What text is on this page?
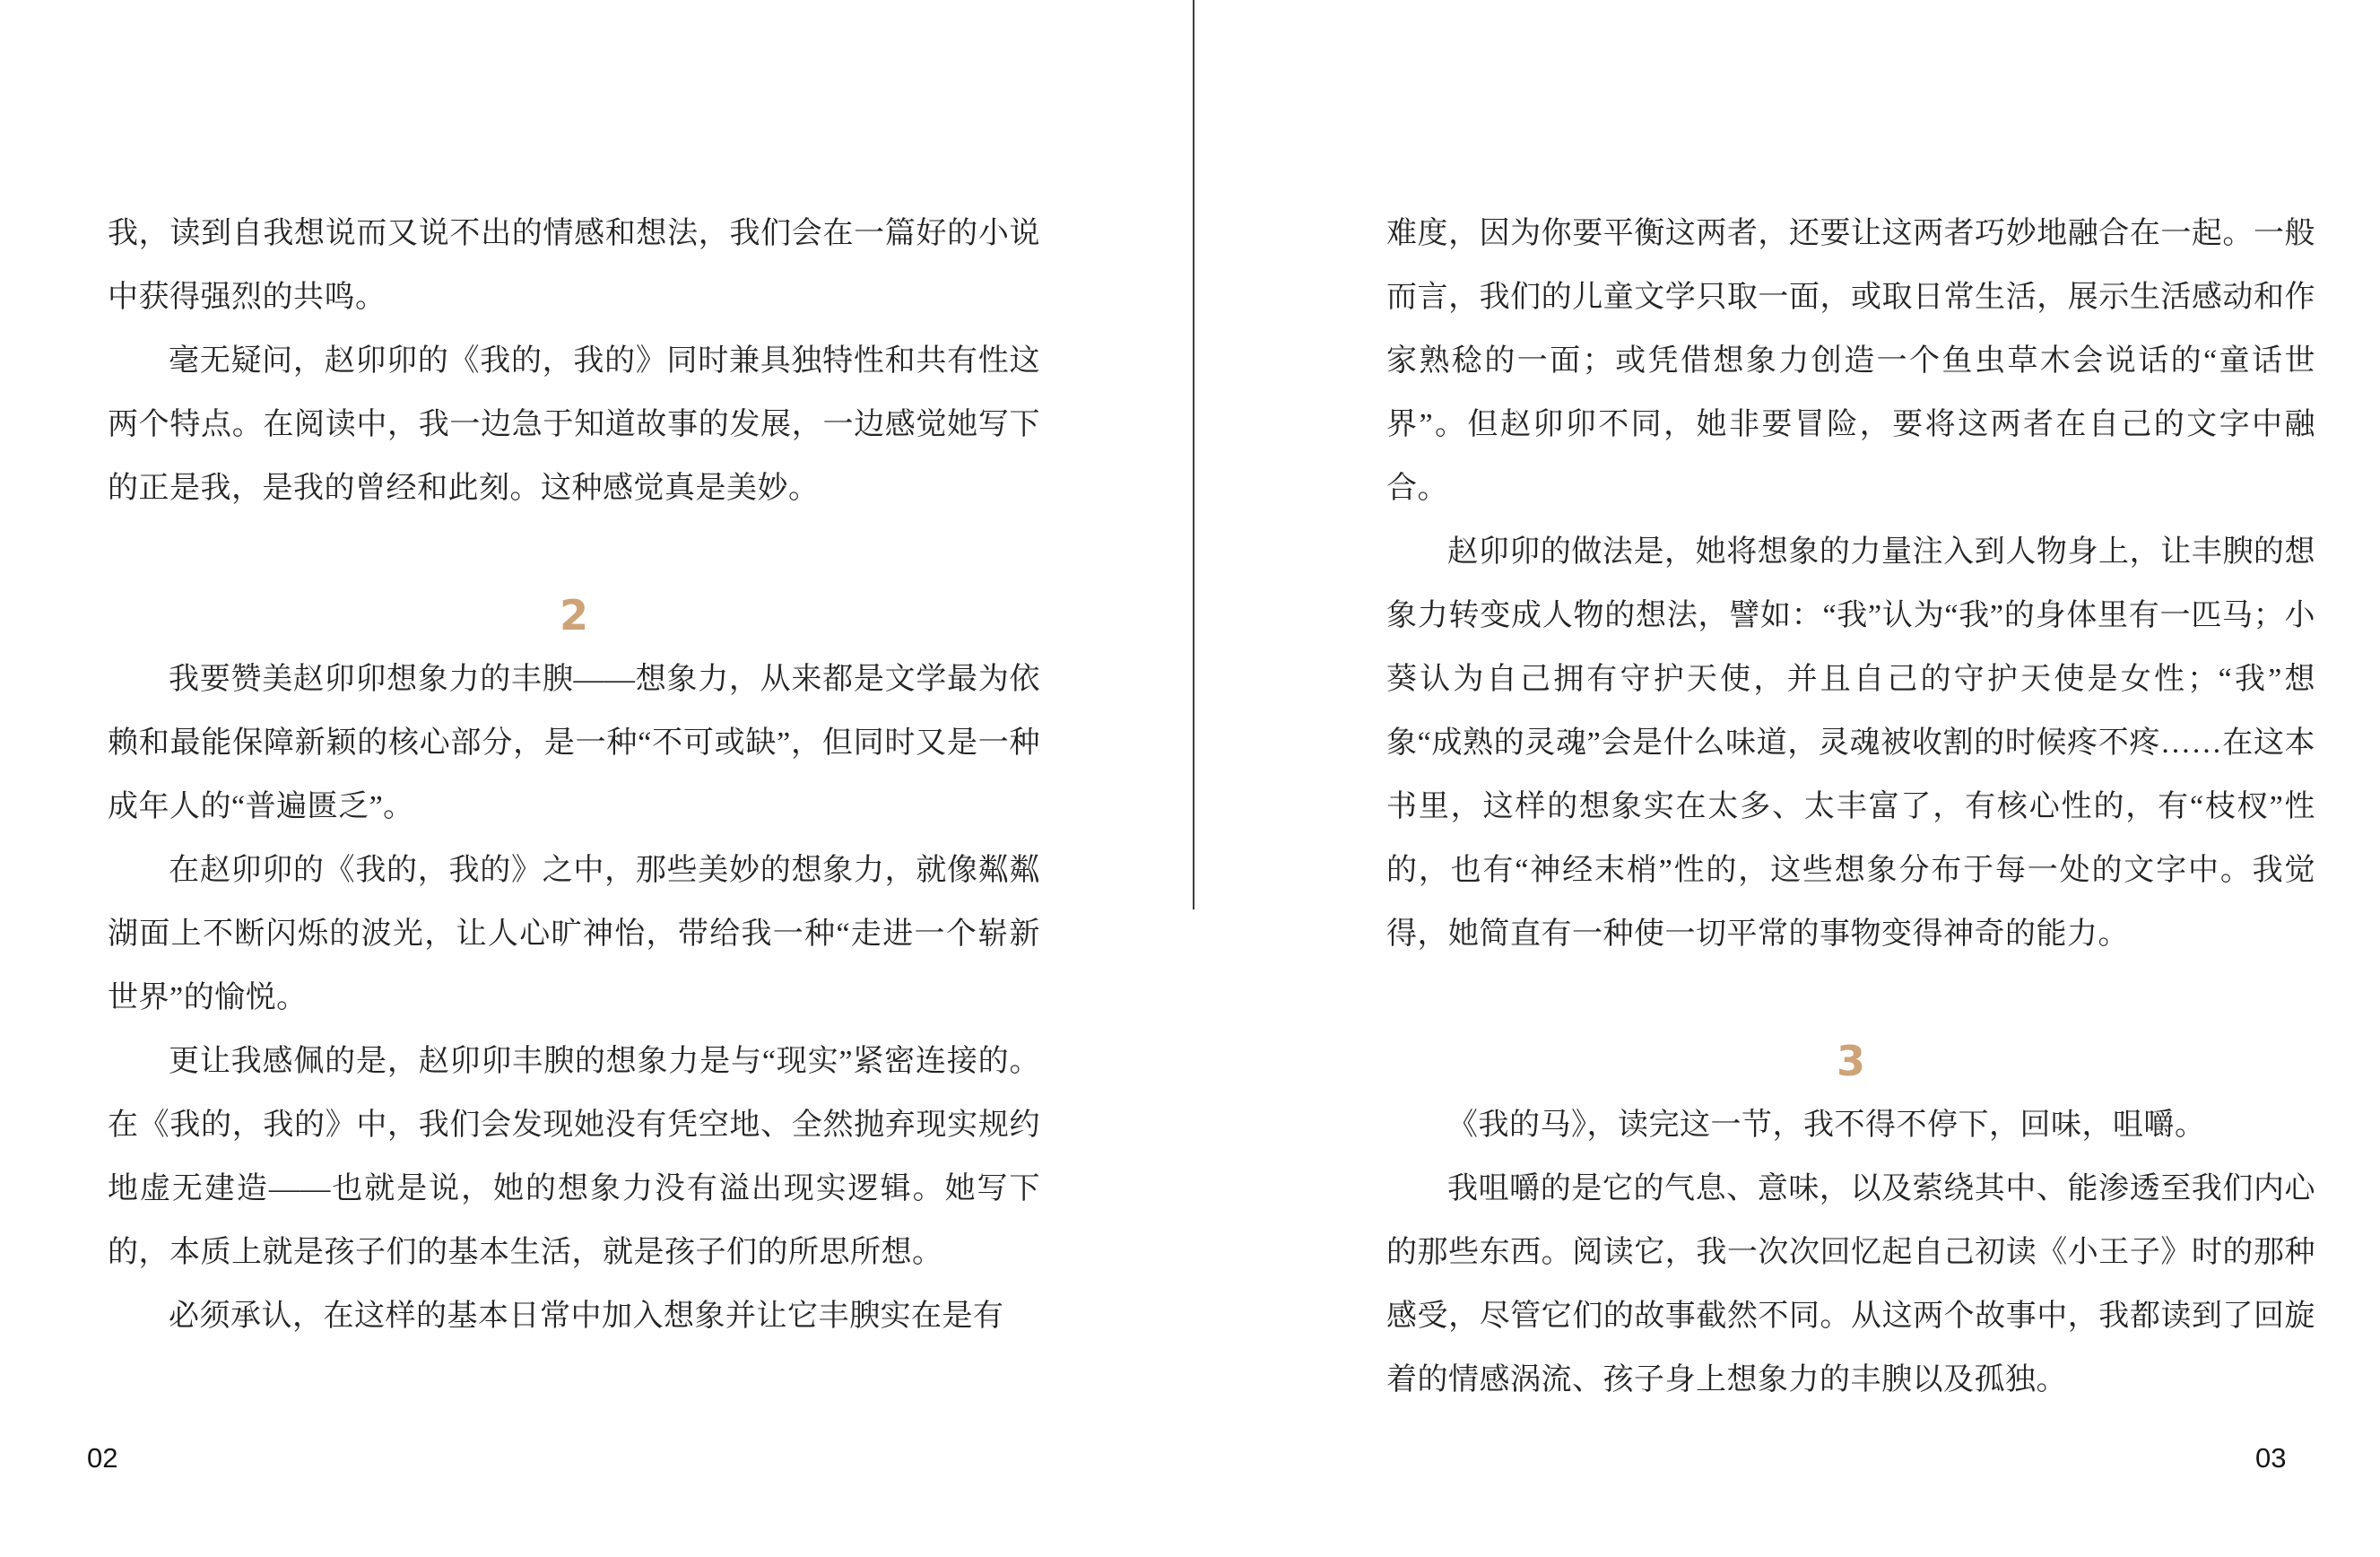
我，读到自我想说而又说不出的情感和想法，我们会在一篇好的小说中获得强烈的共鸣。

毫无疑问，赵卯卯的《我的，我的》同时兼具独特性和共有性这两个特点。在阅读中，我一边急于知道故事的发展，一边感觉她写下的正是我，是我的曾经和此刻。这种感觉真是美妙。

2

我要赞美赵卯卯想象力的丰腴——想象力，从来都是文学最为依赖和最能保障新颖的核心部分，是一种“不可或缺”，但同时又是一种成年人的“普遍匮乏”。

在赵卯卯的《我的，我的》之中，那些美妙的想象力，就像粼粼湖面上不断闪烁的波光，让人心旷神怡，带给我一种“走进一个崭新世界”的愉悦。

更让我感佩的是，赵卯卯丰腴的想象力是与“现实”紧密连接的。在《我的，我的》中，我们会发现她没有凭空地、全然抛弃现实规约地虚无建造——也就是说，她的想象力没有溢出现实逻辑。她写下的，本质上就是孩子们的基本生活，就是孩子们的所思所想。

必须承认，在这样的基本日常中加入想象并让它丰腴实在是有

02

难度，因为你要平衡这两者，还要让这两者巧妙地融合在一起。一般而言，我们的儿童文学只取一面，或取日常生活，展示生活感动和作家熟稔的一面；或凭借想象力创造一个鱼虫草木会说话的“童话世界”。但赵卯卯不同，她非要冒险，要将这两者在自己的文字中融合。

赵卯卯的做法是，她将想象的力量注入到人物身上，让丰腴的想象力转变成人物的想法，譬如：“我”认为“我”的身体里有一匹马；小葵认为自己拥有守护天使，并且自己的守护天使是女性；“我”想象“成熟的灵魂”会是什么味道，灵魂被收割的时候疼不疼……在这本书里，这样的想象实在太多、太丰富了，有核心性的，有“枝杈”性的，也有“神经末梢”性的，这些想象分布于每一处的文字中。我觉得，她简直有一种使一切平常的事物变得神奇的能力。

3

《我的马》，读完这一节，我不得不停下，回味，咀嚼。

我咀嚼的是它的气息、意味，以及萦绕其中、能渗透至我们内心的那些东西。阅读它，我一次次回忆起自己初读《小王子》时的那种感受，尽管它们的故事截然不同。从这两个故事中，我都读到了回旋着的情感涡流、孩子身上想象力的丰腴以及孤独。

03
